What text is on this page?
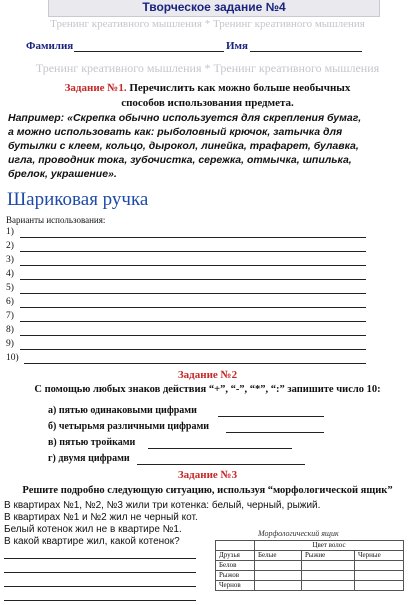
Творческое задание №4
Тренинг креативного мышления * Тренинг креативного мышления
Фамилия	Имя
Тренинг креативного мышления * Тренинг креативного мышления
Задание №1. Перечислить как можно больше необычных
способов использования предмета.
Например: «Скрепка обычно используется для скрепления бумаг,
а можно использовать как: рыболовный крючок, затычка для
бутылки с клеем, кольцо, дырокол, линейка, трафарет, булавка,
игла, проводник тока, зубочистка, сережка, отмычка, шпилька,
брелок, украшение».
Шариковая ручка
Варианты использования:
1)
2)
3)
4)
5)
6)
7)
8)
9)
10)
Задание №2
С помощью любых знаков действия “+”, “-”, “*”, “:” запишите число 10:
а) пятью одинаковыми цифрами
б) четырьмя различными цифрами
в) пятью тройками
г) двумя цифрами
Задание №3
Решите подробно следующую ситуацию, используя “морфологической ящик”
В квартирах №1, №2, №3 жили три котенка: белый, черный, рыжий.
В квартирах №1 и №2 жил не черный кот.
Белый котенок жил не в квартире №1.
В какой квартире жил, какой котенок?
Морфологический ящик
	Цвет волос		
Друзья	Белые	Рыжие	Черные
Белов			
Рыжов			
Чернов			
